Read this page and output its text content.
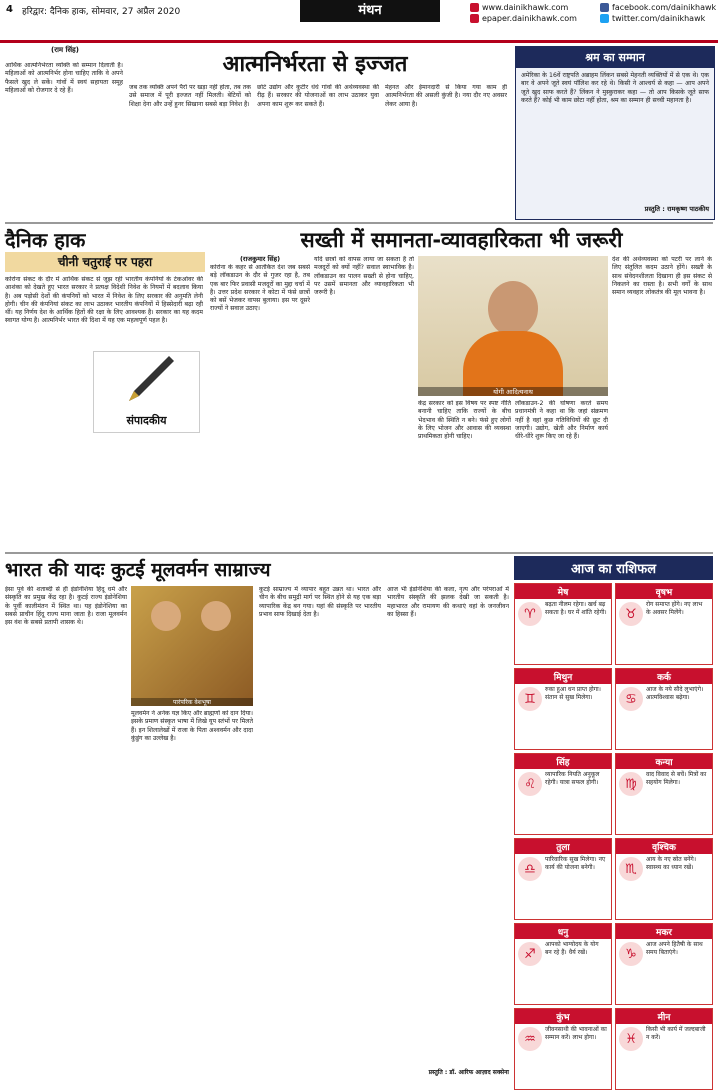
4 हरिद्वार: दैनिक हाक, सोमवार, 27 अप्रैल 2020	मंथन	www.dainikhawk.com
epaper.dainikhawk.com
facebook.com/dainikhawk
twitter.com/dainikhawk
(राम सिंह)
आत्मनिर्भरता से इज्जत
आर्थिक आत्मनिर्भरता व्यक्ति को सम्मान दिलाती है। महिलाओं को आत्मनिर्भर होना चाहिए ताकि वे अपने फैसले खुद ले सकें। गांवों में स्वयं सहायता समूह महिलाओं को रोजगार दे रहे हैं।	जब तक व्यक्ति अपने पैरों पर खड़ा नहीं होता, तब तक उसे समाज में पूरी इज्जत नहीं मिलती। बेटियों को शिक्षा देना और उन्हें हुनर सिखाना सबसे बड़ा निवेश है।
छोटे उद्योग और कुटीर धंधे गांवों की अर्थव्यवस्था की रीढ़ हैं। सरकार की योजनाओं का लाभ उठाकर युवा अपना काम शुरू कर सकते हैं।
मेहनत और ईमानदारी से किया गया काम ही आत्मनिर्भरता की असली कुंजी है। नया दौर नए अवसर लेकर आया है।
श्रम का सम्मान
अमेरिका के 16वें राष्ट्रपति अब्राहम लिंकन सबसे मेहनती व्यक्तियों में से एक थे। एक बार वे अपने जूते स्वयं पॉलिश कर रहे थे। किसी ने आश्चर्य से कहा — आप अपने जूते खुद साफ करते हैं? लिंकन ने मुस्कुराकर कहा — तो आप किसके जूते साफ करते हैं? कोई भी काम छोटा नहीं होता, श्रम का सम्मान ही सच्ची महानता है।
प्रस्तुति : रामकृष्ण पाठकीय
दैनिक हाक
चीनी चतुराई पर पहरा
कोरोना संकट के दौर में आर्थिक संकट से जूझ रही भारतीय कंपनियों के टेकओवर की आशंका को देखते हुए भारत सरकार ने प्रत्यक्ष विदेशी निवेश के नियमों में बदलाव किया है। अब पड़ोसी देशों की कंपनियों को भारत में निवेश के लिए सरकार की अनुमति लेनी होगी। चीन की कंपनियां संकट का लाभ उठाकर भारतीय कंपनियों में हिस्सेदारी बढ़ा रही थीं। यह निर्णय देश के आर्थिक हितों की रक्षा के लिए आवश्यक है। सरकार का यह कदम स्वागत योग्य है। आत्मनिर्भर भारत की दिशा में यह एक महत्वपूर्ण पहल है।
संपादकीय
सख्ती में समानता-व्यावहारिकता भी जरूरी
(राजकुमार सिंह)
कोरोना के कहर से आतंकित देश जब सबसे बड़े लॉकडाउन के दौर से गुजर रहा है, तब एक बार फिर प्रवासी मजदूरों का मुद्दा चर्चा में है। उत्तर प्रदेश सरकार ने कोटा में फंसे छात्रों को बसें भेजकर वापस बुलाया। इस पर दूसरे राज्यों ने सवाल उठाए।
यदि छात्रों को वापस लाया जा सकता है तो मजदूरों को क्यों नहीं? सवाल स्वाभाविक है। लॉकडाउन का पालन सख्ती से होना चाहिए, पर उसमें समानता और व्यावहारिकता भी जरूरी है।
योगी आदित्यनाथ
केंद्र सरकार को इस विषय पर स्पष्ट नीति बनानी चाहिए ताकि राज्यों के बीच भेदभाव की स्थिति न बने। फंसे हुए लोगों के लिए भोजन और आवास की व्यवस्था प्राथमिकता होनी चाहिए।
लॉकडाउन-2 की घोषणा करते समय प्रधानमंत्री ने कहा था कि जहां संक्रमण नहीं है वहां कुछ गतिविधियों की छूट दी जाएगी। उद्योग, खेती और निर्माण कार्य धीरे-धीरे शुरू किए जा रहे हैं।
देश की अर्थव्यवस्था को पटरी पर लाने के लिए संतुलित कदम उठाने होंगे। सख्ती के साथ संवेदनशीलता दिखाना ही इस संकट से निकलने का रास्ता है। सभी वर्गों के साथ समान व्यवहार लोकतंत्र की मूल भावना है।
भारत की यादः कुटई मूलवर्मन साम्राज्य
ईसा पूर्व की शताब्दी से ही इंडोनेशिया हिंदू धर्म और संस्कृति का प्रमुख केंद्र रहा है। कुटई राज्य इंडोनेशिया के पूर्वी कालीमंतन में स्थित था। यह इंडोनेशिया का सबसे प्राचीन हिंदू राज्य माना जाता है। राजा मूलवर्मन इस वंश के सबसे प्रतापी शासक थे।
पारंपरिक वेशभूषा
मूलवर्मन ने अनेक यज्ञ किए और ब्राह्मणों को दान दिया। इसके प्रमाण संस्कृत भाषा में लिखे यूप स्तंभों पर मिलते हैं। इन शिलालेखों में राजा के पिता अश्ववर्मन और दादा कुंडुंग का उल्लेख है।
कुटई साम्राज्य में व्यापार बहुत उन्नत था। भारत और चीन के बीच समुद्री मार्ग पर स्थित होने से यह एक बड़ा व्यापारिक केंद्र बन गया। यहां की संस्कृति पर भारतीय प्रभाव साफ दिखाई देता है।
आज भी इंडोनेशिया की कला, नृत्य और परंपराओं में भारतीय संस्कृति की झलक देखी जा सकती है। महाभारत और रामायण की कथाएं वहां के जनजीवन का हिस्सा हैं।
प्रस्तुति : डॉ. आरिफ आज़ाद सक्सेना
आज का राशिफल
मेष
♈
बढ़ता नीलम रहेगा। खर्च बढ़ सकता है। घर में शांति रहेगी।
वृषभ
♉
रोग समाप्त होंगे। नए लाभ के अवसर मिलेंगे।
मिथुन
♊
रुका हुआ धन प्राप्त होगा। संतान से सुख मिलेगा।
कर्क
♋
आज के नये सौदे लुभाएंगे। आत्मविश्वास बढ़ेगा।
सिंह
♌
व्यापारिक नियति अनुकूल रहेगी। यात्रा सफल होगी।
कन्या
♍
वाद विवाद से बचें। मित्रों का सहयोग मिलेगा।
तुला
♎
पारिवारिक सुख मिलेगा। नए कार्य की योजना बनेगी।
वृश्चिक
♏
आय के नए स्रोत बनेंगे। स्वास्थ्य का ध्यान रखें।
धनु
♐
आपको भाग्योदय के योग बन रहे हैं। धैर्य रखें।
मकर
♑
आज अपने हितैषी के साथ समय बिताएंगे।
कुंभ
♒
जीवनसाथी की भावनाओं का सम्मान करें। लाभ होगा।
मीन
♓
किसी भी कार्य में जल्दबाजी न करें।
